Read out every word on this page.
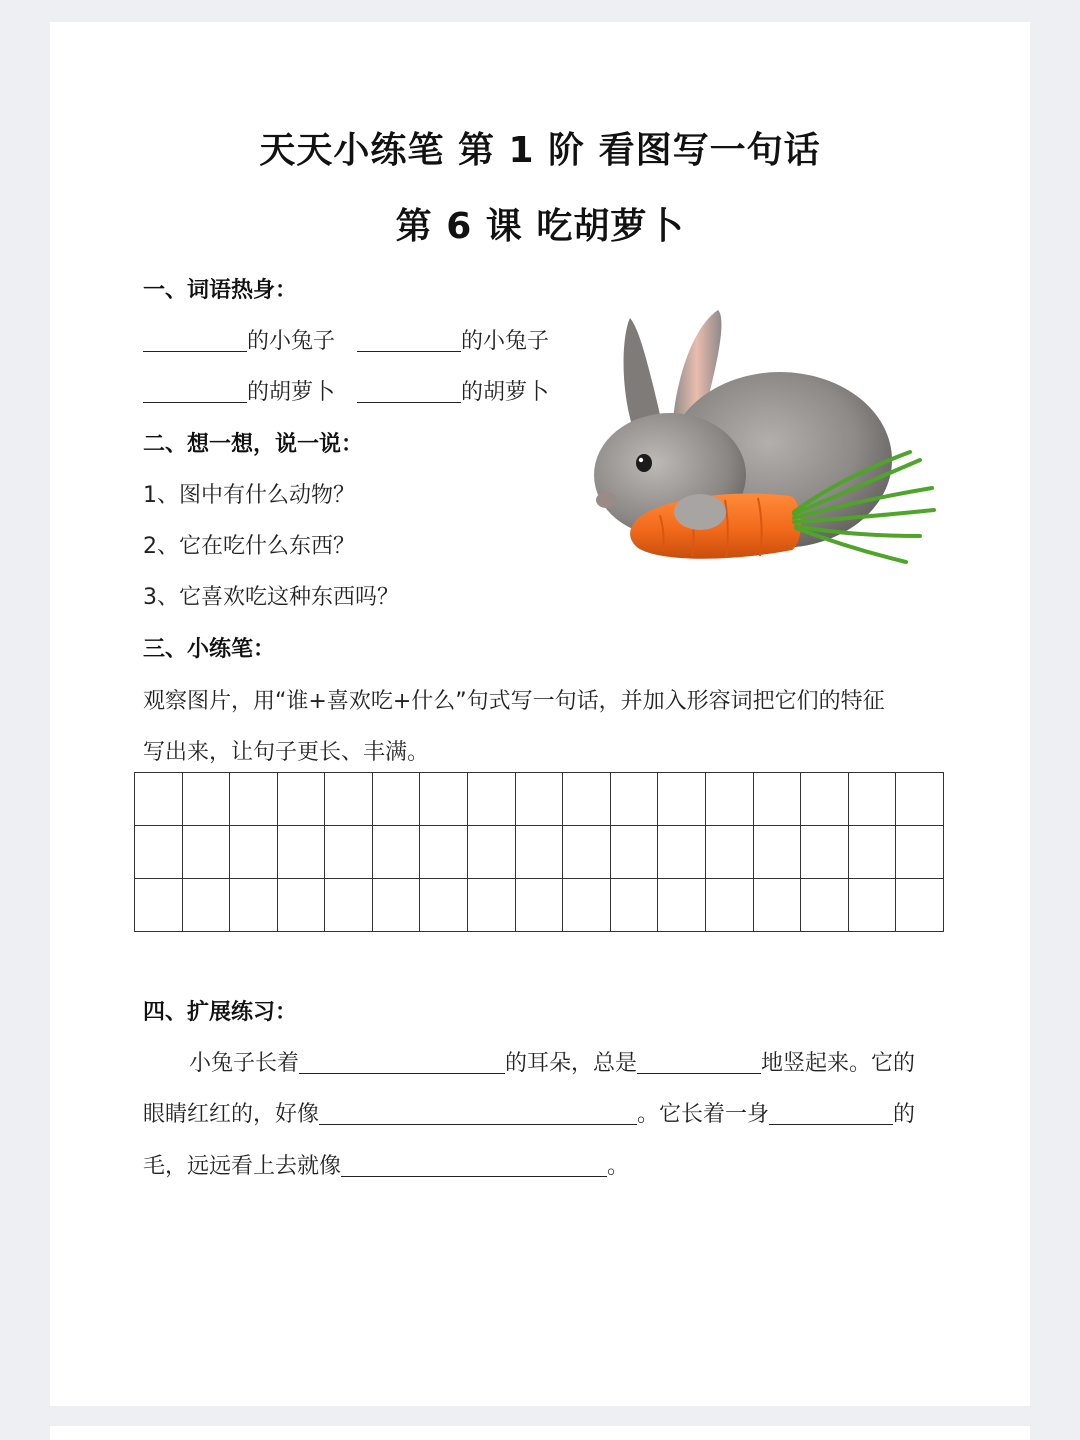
天天小练笔 第 1 阶 看图写一句话
第 6 课 吃胡萝卜
一、词语热身：
的小兔子	的小兔子
的胡萝卜	的胡萝卜
二、想一想，说一说：
1、图中有什么动物？
2、它在吃什么东西？
3、它喜欢吃这种东西吗？
三、小练笔：
观察图片，用“谁+喜欢吃+什么”句式写一句话，并加入形容词把它们的特征
写出来，让句子更长、丰满。

四、扩展练习：
小兔子长着	的耳朵，总是	地竖起来。它的
眼睛红红的，好像	。它长着一身	的
毛，远远看上去就像	。
